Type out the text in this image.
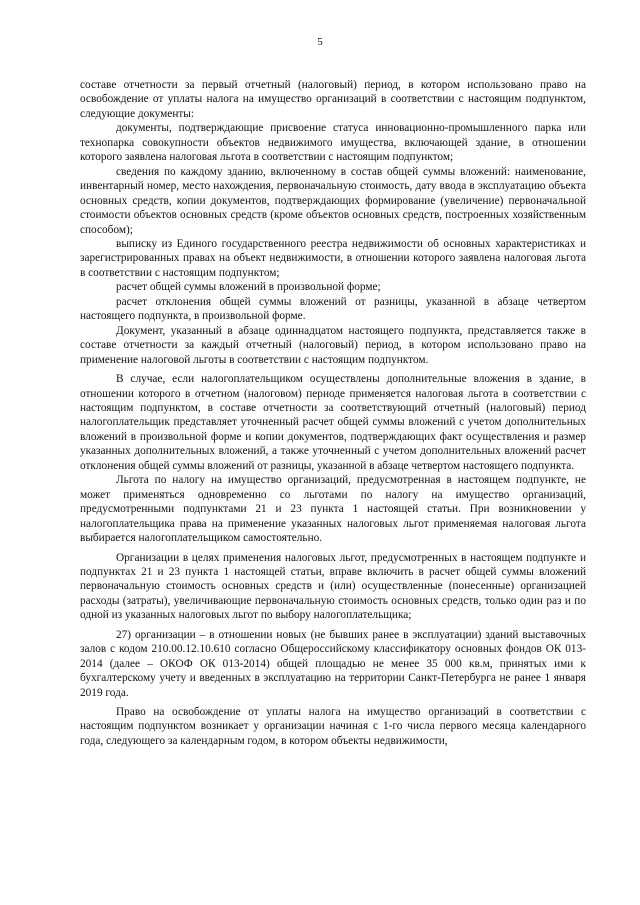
5

составе отчетности за первый отчетный (налоговый) период, в котором использовано право на освобождение от уплаты налога на имущество организаций в соответствии с настоящим подпунктом, следующие документы:

документы, подтверждающие присвоение статуса инновационно-промышленного парка или технопарка совокупности объектов недвижимого имущества, включающей здание, в отношении которого заявлена налоговая льгота в соответствии с настоящим подпунктом;

сведения по каждому зданию, включенному в состав общей суммы вложений: наименование, инвентарный номер, место нахождения, первоначальную стоимость, дату ввода в эксплуатацию объекта основных средств, копии документов, подтверждающих формирование (увеличение) первоначальной стоимости объектов основных средств (кроме объектов основных средств, построенных хозяйственным способом);

выписку из Единого государственного реестра недвижимости об основных характеристиках и зарегистрированных правах на объект недвижимости, в отношении которого заявлена налоговая льгота в соответствии с настоящим подпунктом;

расчет общей суммы вложений в произвольной форме;

расчет отклонения общей суммы вложений от разницы, указанной в абзаце четвертом настоящего подпункта, в произвольной форме.

Документ, указанный в абзаце одиннадцатом настоящего подпункта, представляется также в составе отчетности за каждый отчетный (налоговый) период, в котором использовано право на применение налоговой льготы в соответствии с настоящим подпунктом.

В случае, если налогоплательщиком осуществлены дополнительные вложения в здание, в отношении которого в отчетном (налоговом) периоде применяется налоговая льгота в соответствии с настоящим подпунктом, в составе отчетности за соответствующий отчетный (налоговый) период налогоплательщик представляет уточненный расчет общей суммы вложений с учетом дополнительных вложений в произвольной форме и копии документов, подтверждающих факт осуществления и размер указанных дополнительных вложений, а также уточненный с учетом дополнительных вложений расчет отклонения общей суммы вложений от разницы, указанной в абзаце четвертом настоящего подпункта.

Льгота по налогу на имущество организаций, предусмотренная в настоящем подпункте, не может применяться одновременно со льготами по налогу на имущество организаций, предусмотренными подпунктами 21 и 23 пункта 1 настоящей статьи. При возникновении у налогоплательщика права на применение указанных налоговых льгот применяемая налоговая льгота выбирается налогоплательщиком самостоятельно.

Организации в целях применения налоговых льгот, предусмотренных в настоящем подпункте и подпунктах 21 и 23 пункта 1 настоящей статьи, вправе включить в расчет общей суммы вложений первоначальную стоимость основных средств и (или) осуществленные (понесенные) организацией расходы (затраты), увеличивающие первоначальную стоимость основных средств, только один раз и по одной из указанных налоговых льгот по выбору налогоплательщика;

27) организации – в отношении новых (не бывших ранее в эксплуатации) зданий выставочных залов с кодом 210.00.12.10.610 согласно Общероссийскому классификатору основных фондов ОК 013-2014 (далее – ОКОФ ОК 013-2014) общей площадью не менее 35 000 кв.м, принятых ими к бухгалтерскому учету и введенных в эксплуатацию на территории Санкт-Петербурга не ранее 1 января 2019 года.

Право на освобождение от уплаты налога на имущество организаций в соответствии с настоящим подпунктом возникает у организации начиная с 1-го числа первого месяца календарного года, следующего за календарным годом, в котором объекты недвижимости,
